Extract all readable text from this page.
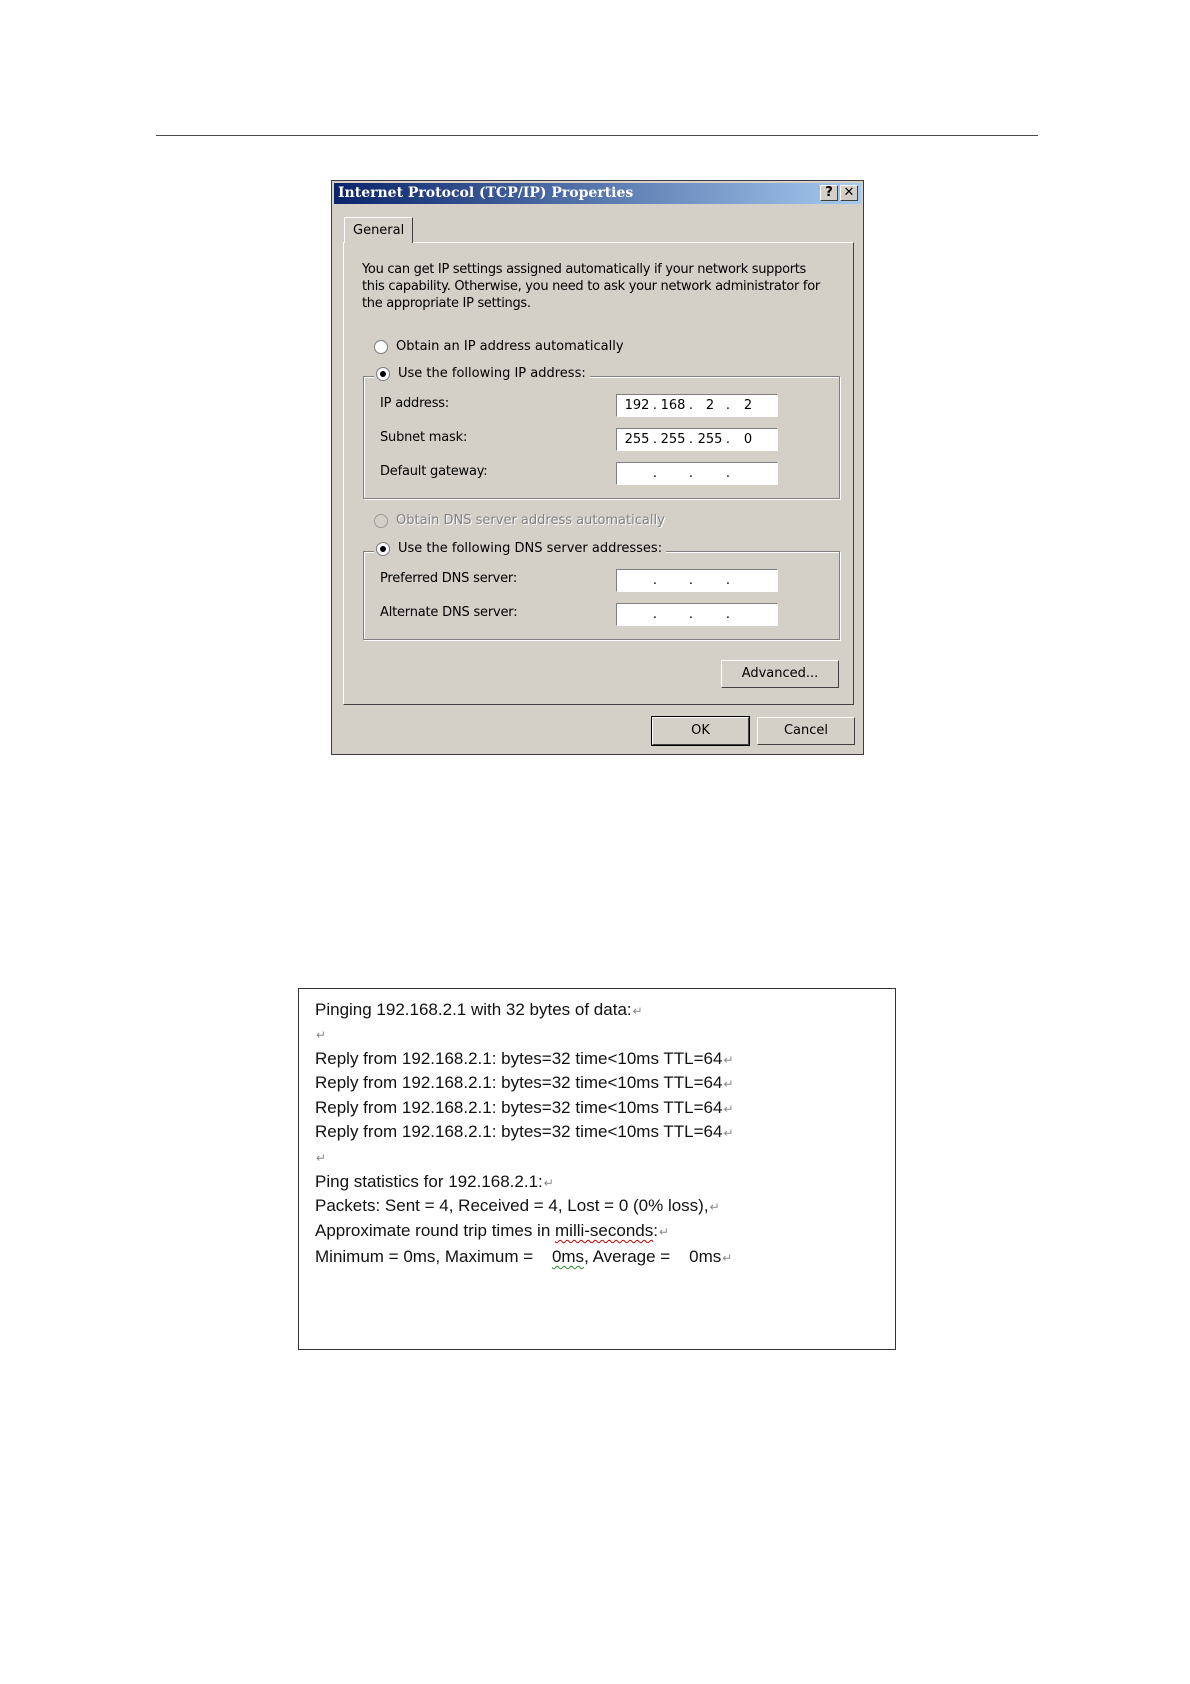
Internet Protocol (TCP/IP) Properties	? ✕
General
You can get IP settings assigned automatically if your network supports
this capability. Otherwise, you need to ask your network administrator for
the appropriate IP settings.
Obtain an IP address automatically
Use the following IP address:
IP address:	192 . 168 . 2 .	2
Subnet mask:	255 . 255 . 255 .	0
Default gateway:	. .	.
Obtain DNS server address automatically
Use the following DNS server addresses:
Preferred DNS server:	. .	.
Alternate DNS server:	. .	.
Advanced...
OK	Cancel
Pinging 192.168.2.1 with 32 bytes of data:↵
↵
Reply from 192.168.2.1: bytes=32 time<10ms TTL=64↵
Reply from 192.168.2.1: bytes=32 time<10ms TTL=64↵
Reply from 192.168.2.1: bytes=32 time<10ms TTL=64↵
Reply from 192.168.2.1: bytes=32 time<10ms TTL=64↵
↵
Ping statistics for 192.168.2.1:↵
Packets: Sent = 4, Received = 4, Lost = 0 (0% loss),↵
Approximate round trip times in milli-seconds:↵
Minimum = 0ms, Maximum = 0ms, Average =    0ms↵
